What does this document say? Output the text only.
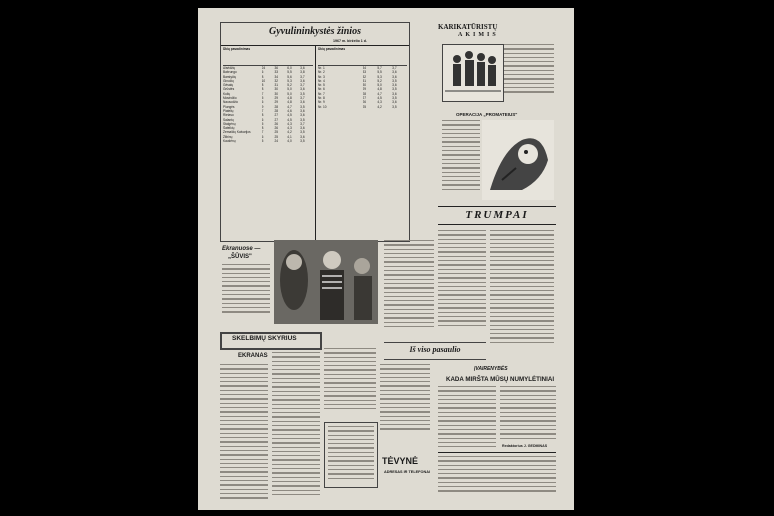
Gyvulininkystės žinios
1967 m. birželio 1 d.
Ūkių pavadinimas
Alsėdžių	24	36	6,0	3,6
Babrungo	6	33	5,5	3,8
Barstyčių	8	34	5,6	3,7
Ginučių	10	32	5,3	3,6
Gėsalų	8	31	5,2	3,7
Grūstės	8	30	5,0	3,6
Kulių	7	30	5,0	3,5
Mosėdžio	5	29	4,8	3,7
Nausodžio	6	29	4,8	3,6
Plungės	9	28	4,7	3,5
Platelių	7	28	4,6	3,6
Rietavo	8	27	4,5	3,6
Salantų	6	27	4,5	3,5
Stalgėnų	5	26	4,3	3,7
Šateikių	8	26	4,3	3,6
Žemaičių Kalvarijos	7	25	4,2	3,5
Žlibinų	6	25	4,1	3,6
Kaušėnų	5	24	4,0	3,5
Ūkių pavadinimas
Nr. 1	34	5,7	3,7
Nr. 2	33	5,5	3,6
Nr. 3	32	5,3	3,6
Nr. 4	31	5,2	3,5
Nr. 5	30	5,0	3,6
Nr. 6	29	4,8	3,5
Nr. 7	28	4,7	3,6
Nr. 8	27	4,5	3,5
Nr. 9	26	4,3	3,6
Nr. 10	25	4,2	3,5
KARIKATŪRISTŲ
AKIMIS
OPERACIJA „PROMATEIUS"
TRUMPAI
Ekranuose —
„ŠŪVIS"
Iš viso pasaulio
SKELBIMŲ SKYRIUS
EKRANAS
TĖVYNĖ
ADRESAS IR TELEFONAI
ĮVAIRENYBĖS
KADA MIRŠTA MŪSŲ NUMYLĖTINIAI
Redaktorius J. GEDMINAS
